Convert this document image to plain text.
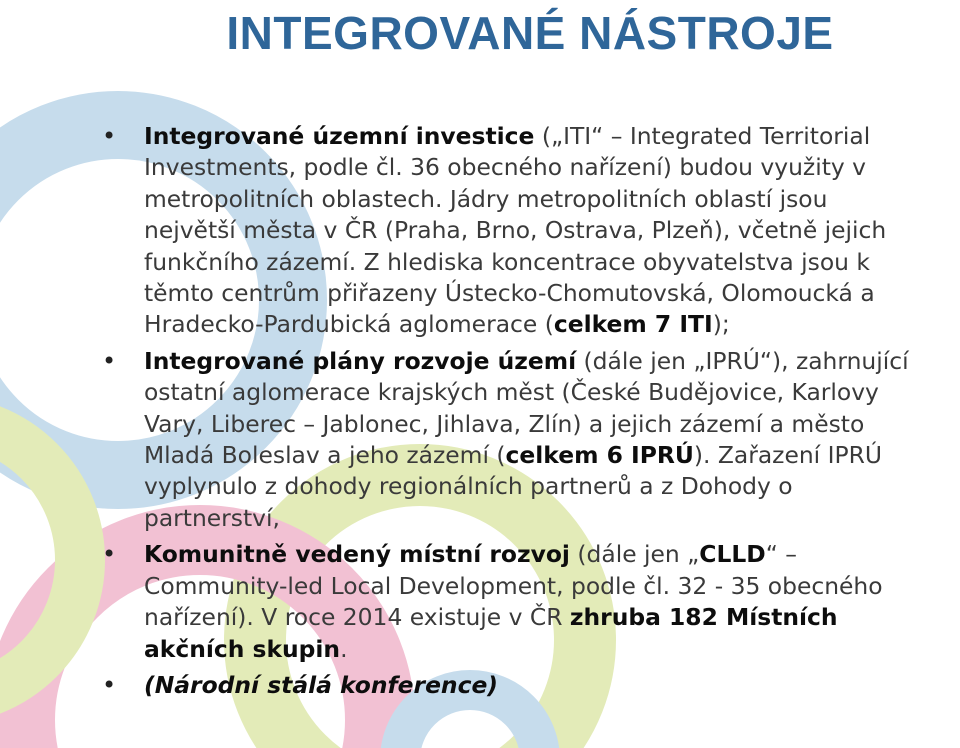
INTEGROVANÉ NÁSTROJE
• Integrované územní investice („ITI“ – Integrated Territorial Investments, podle čl. 36 obecného nařízení) budou využity v metropolitních oblastech. Jádry metropolitních oblastí jsou největší města v ČR (Praha, Brno, Ostrava, Plzeň), včetně jejich funkčního zázemí. Z hlediska koncentrace obyvatelstva jsou k těmto centrům přiřazeny Ústecko-Chomutovská, Olomoucká a Hradecko-Pardubická aglomerace (celkem 7 ITI);
• Integrované plány rozvoje území (dále jen „IPRÚ“), zahrnující ostatní aglomerace krajských měst (České Budějovice, Karlovy Vary, Liberec – Jablonec, Jihlava, Zlín) a jejich zázemí a město Mladá Boleslav a jeho zázemí (celkem 6 IPRÚ). Zařazení IPRÚ vyplynulo z dohody regionálních partnerů a z Dohody o partnerství,
• Komunitně vedený místní rozvoj (dále jen „CLLD“ – Community-led Local Development, podle čl. 32 - 35 obecného nařízení). V roce 2014 existuje v ČR zhruba 182 Místních akčních skupin.
• (Národní stálá konference)
